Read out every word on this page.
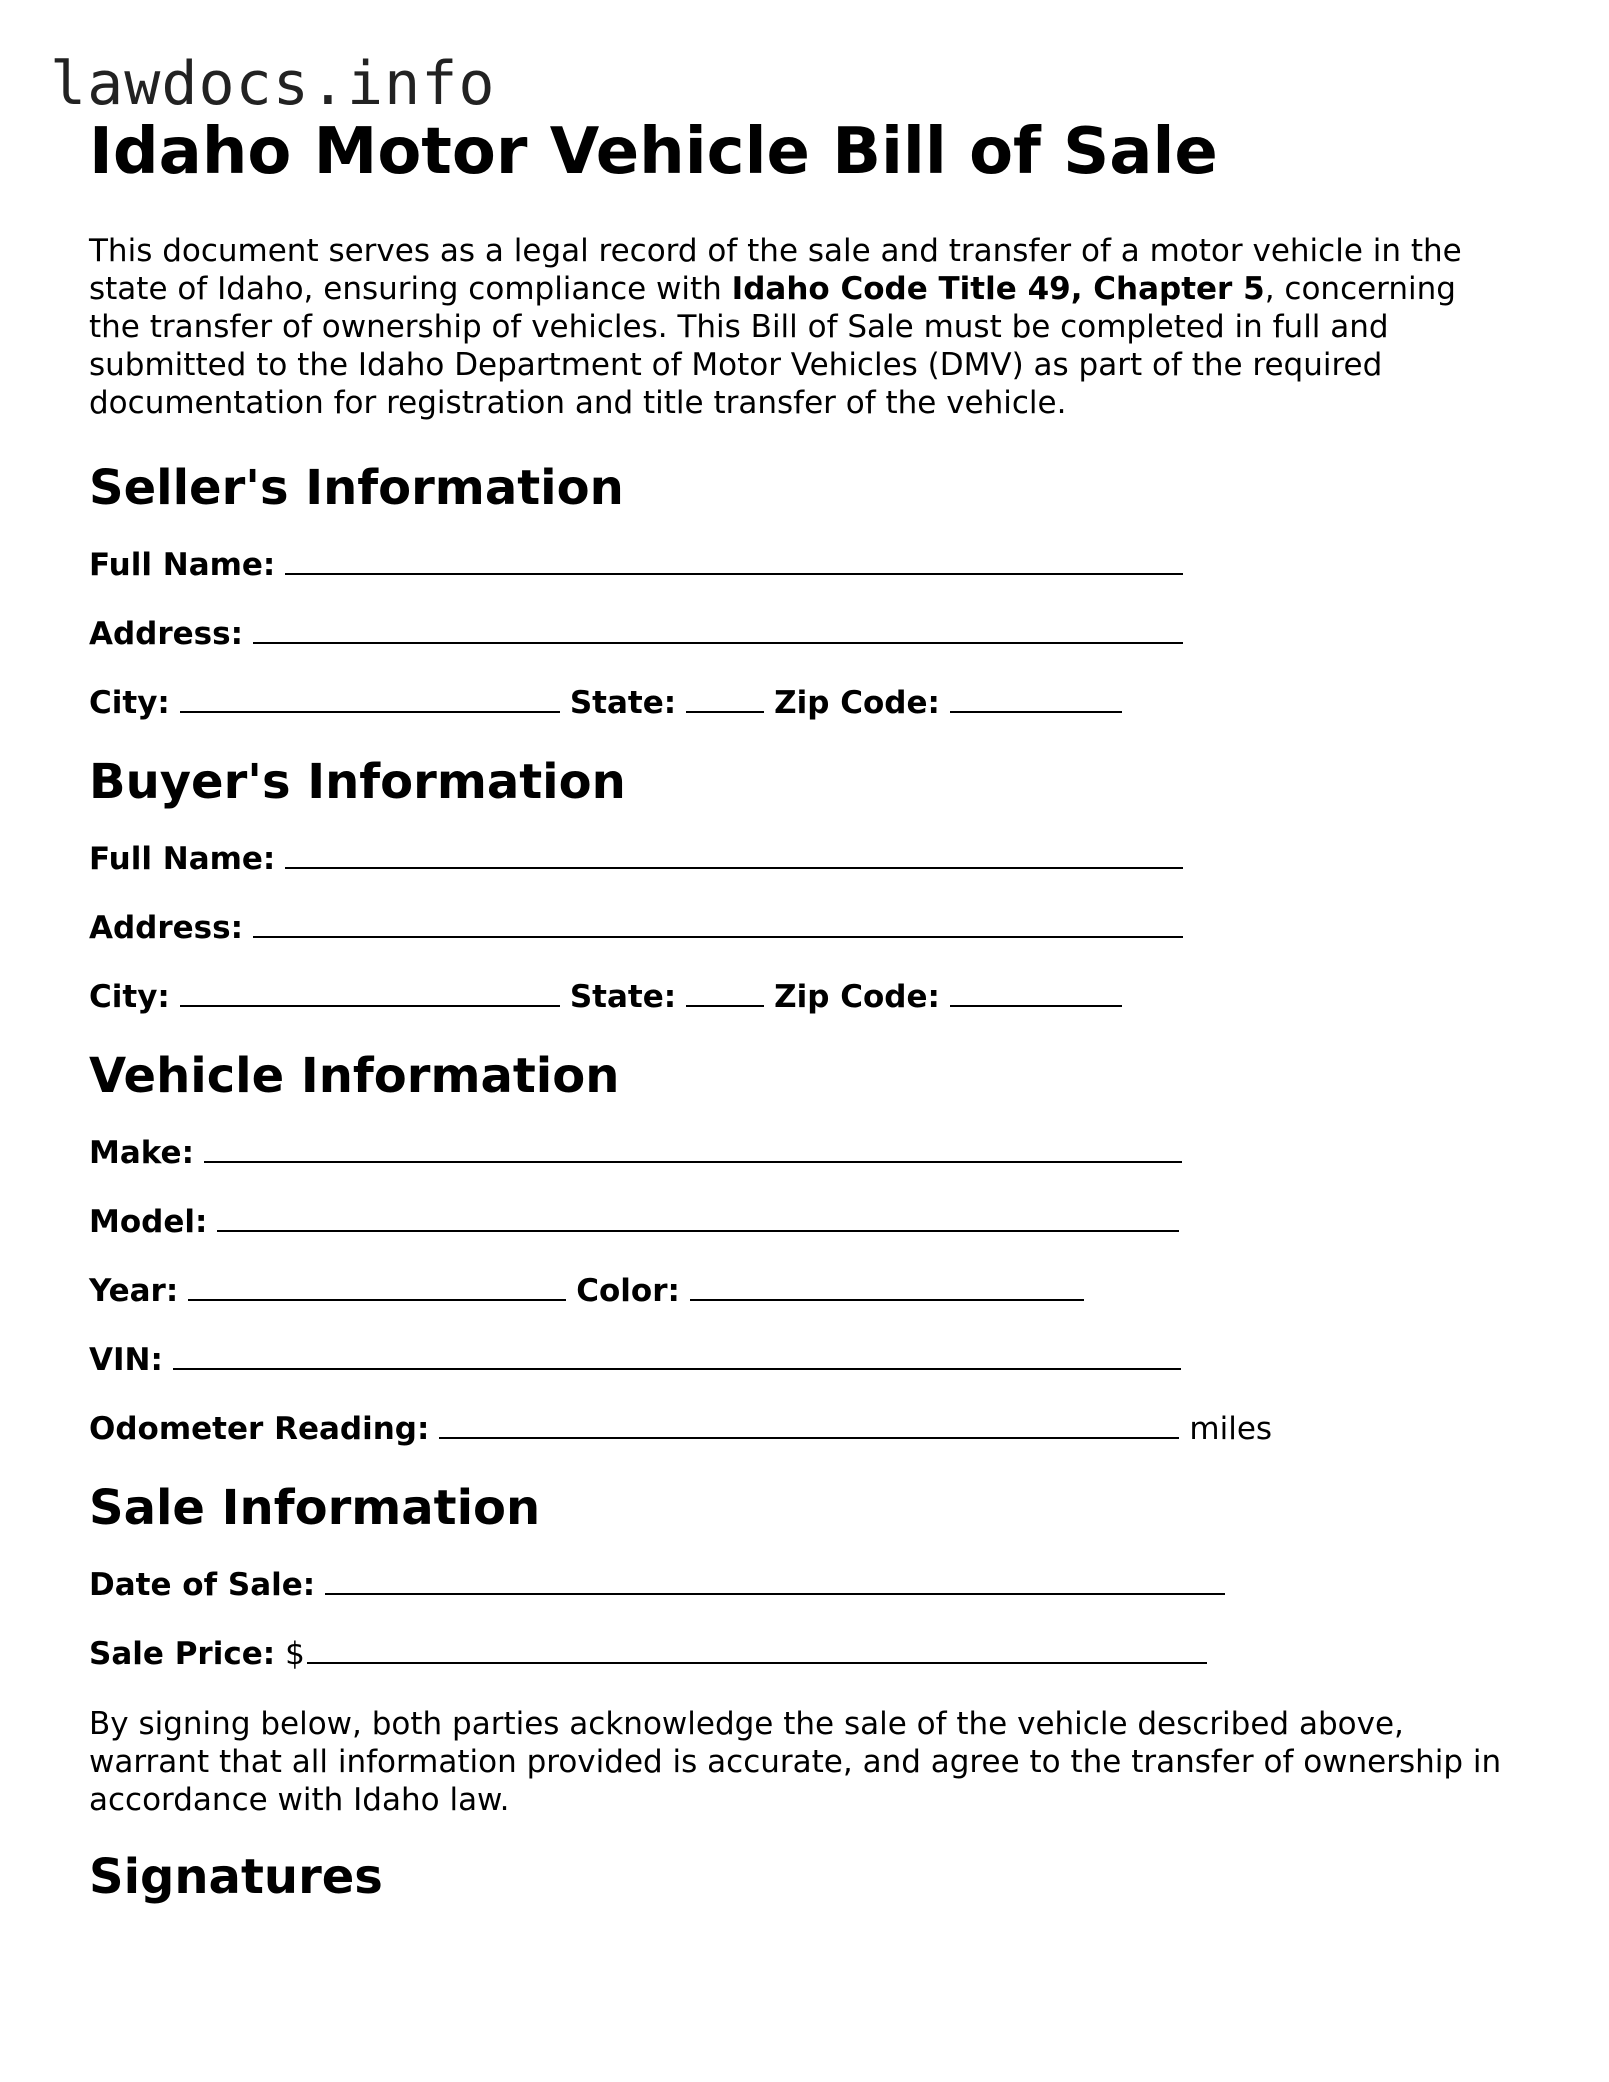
lawdocs.info
Idaho Motor Vehicle Bill of Sale

This document serves as a legal record of the sale and transfer of a motor vehicle in the state of Idaho, ensuring compliance with Idaho Code Title 49, Chapter 5, concerning the transfer of ownership of vehicles. This Bill of Sale must be completed in full and submitted to the Idaho Department of Motor Vehicles (DMV) as part of the required documentation for registration and title transfer of the vehicle.

Seller's Information
Full Name:
Address:
City:	State:	Zip Code:
Buyer's Information
Full Name:
Address:
City:	State:	Zip Code:
Vehicle Information
Make:
Model:
Year:	Color:
VIN:
Odometer Reading:	miles
Sale Information
Date of Sale:
Sale Price: $

By signing below, both parties acknowledge the sale of the vehicle described above, warrant that all information provided is accurate, and agree to the transfer of ownership in accordance with Idaho law.

Signatures
